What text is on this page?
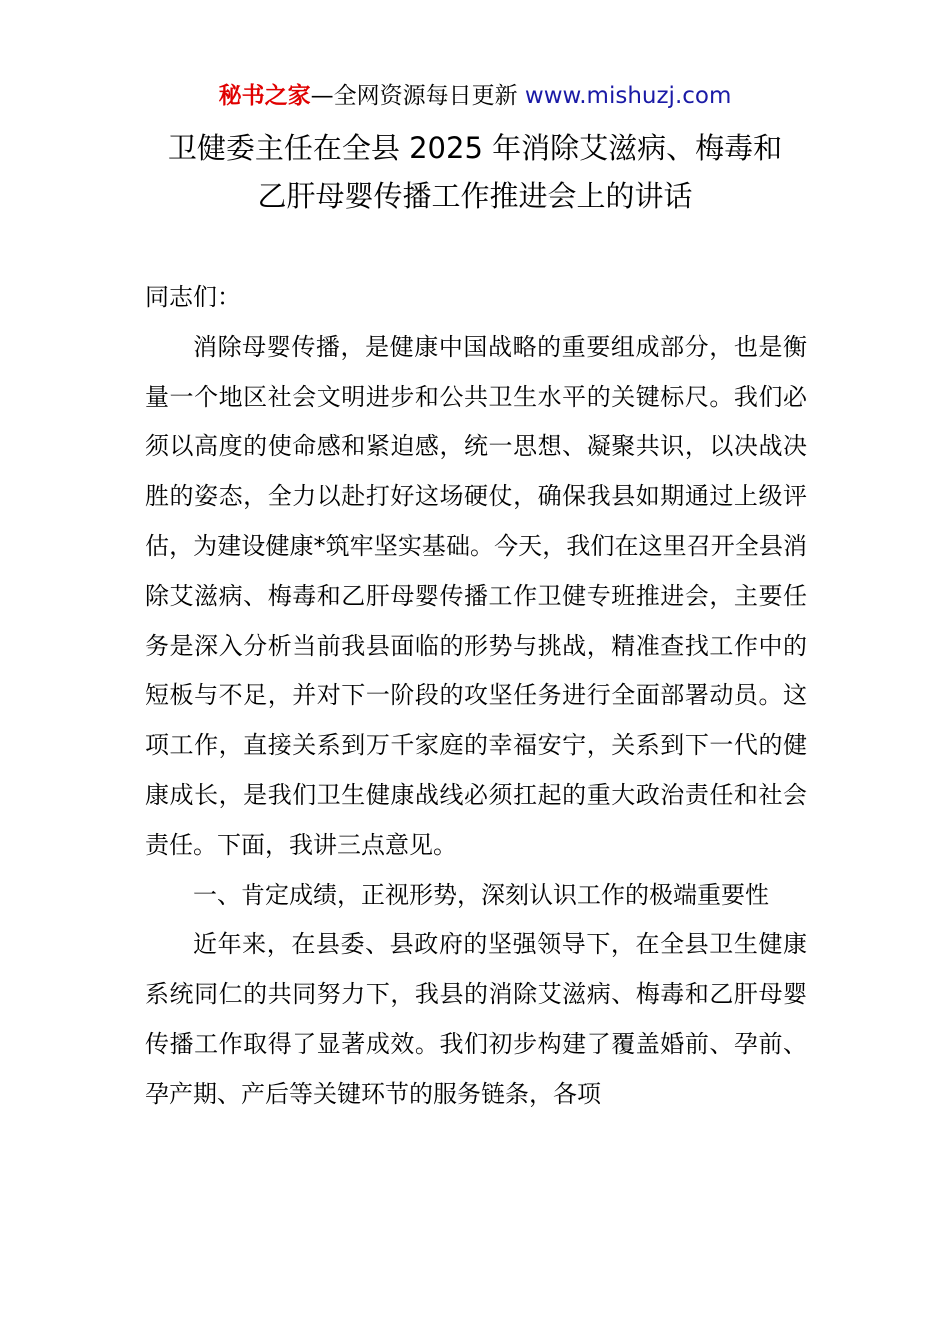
秘书之家—全网资源每日更新 www.mishuzj.com
卫健委主任在全县 2025 年消除艾滋病、梅毒和
乙肝母婴传播工作推进会上的讲话

同志们：

消除母婴传播，是健康中国战略的重要组成部分，也是衡量一个地区社会文明进步和公共卫生水平的关键标尺。我们必须以高度的使命感和紧迫感，统一思想、凝聚共识，以决战决胜的姿态，全力以赴打好这场硬仗，确保我县如期通过上级评估，为建设健康*筑牢坚实基础。今天，我们在这里召开全县消除艾滋病、梅毒和乙肝母婴传播工作卫健专班推进会，主要任务是深入分析当前我县面临的形势与挑战，精准查找工作中的短板与不足，并对下一阶段的攻坚任务进行全面部署动员。这项工作，直接关系到万千家庭的幸福安宁，关系到下一代的健康成长，是我们卫生健康战线必须扛起的重大政治责任和社会责任。下面，我讲三点意见。

一、肯定成绩，正视形势，深刻认识工作的极端重要性

近年来，在县委、县政府的坚强领导下，在全县卫生健康系统同仁的共同努力下，我县的消除艾滋病、梅毒和乙肝母婴传播工作取得了显著成效。我们初步构建了覆盖婚前、孕前、孕产期、产后等关键环节的服务链条，各项
